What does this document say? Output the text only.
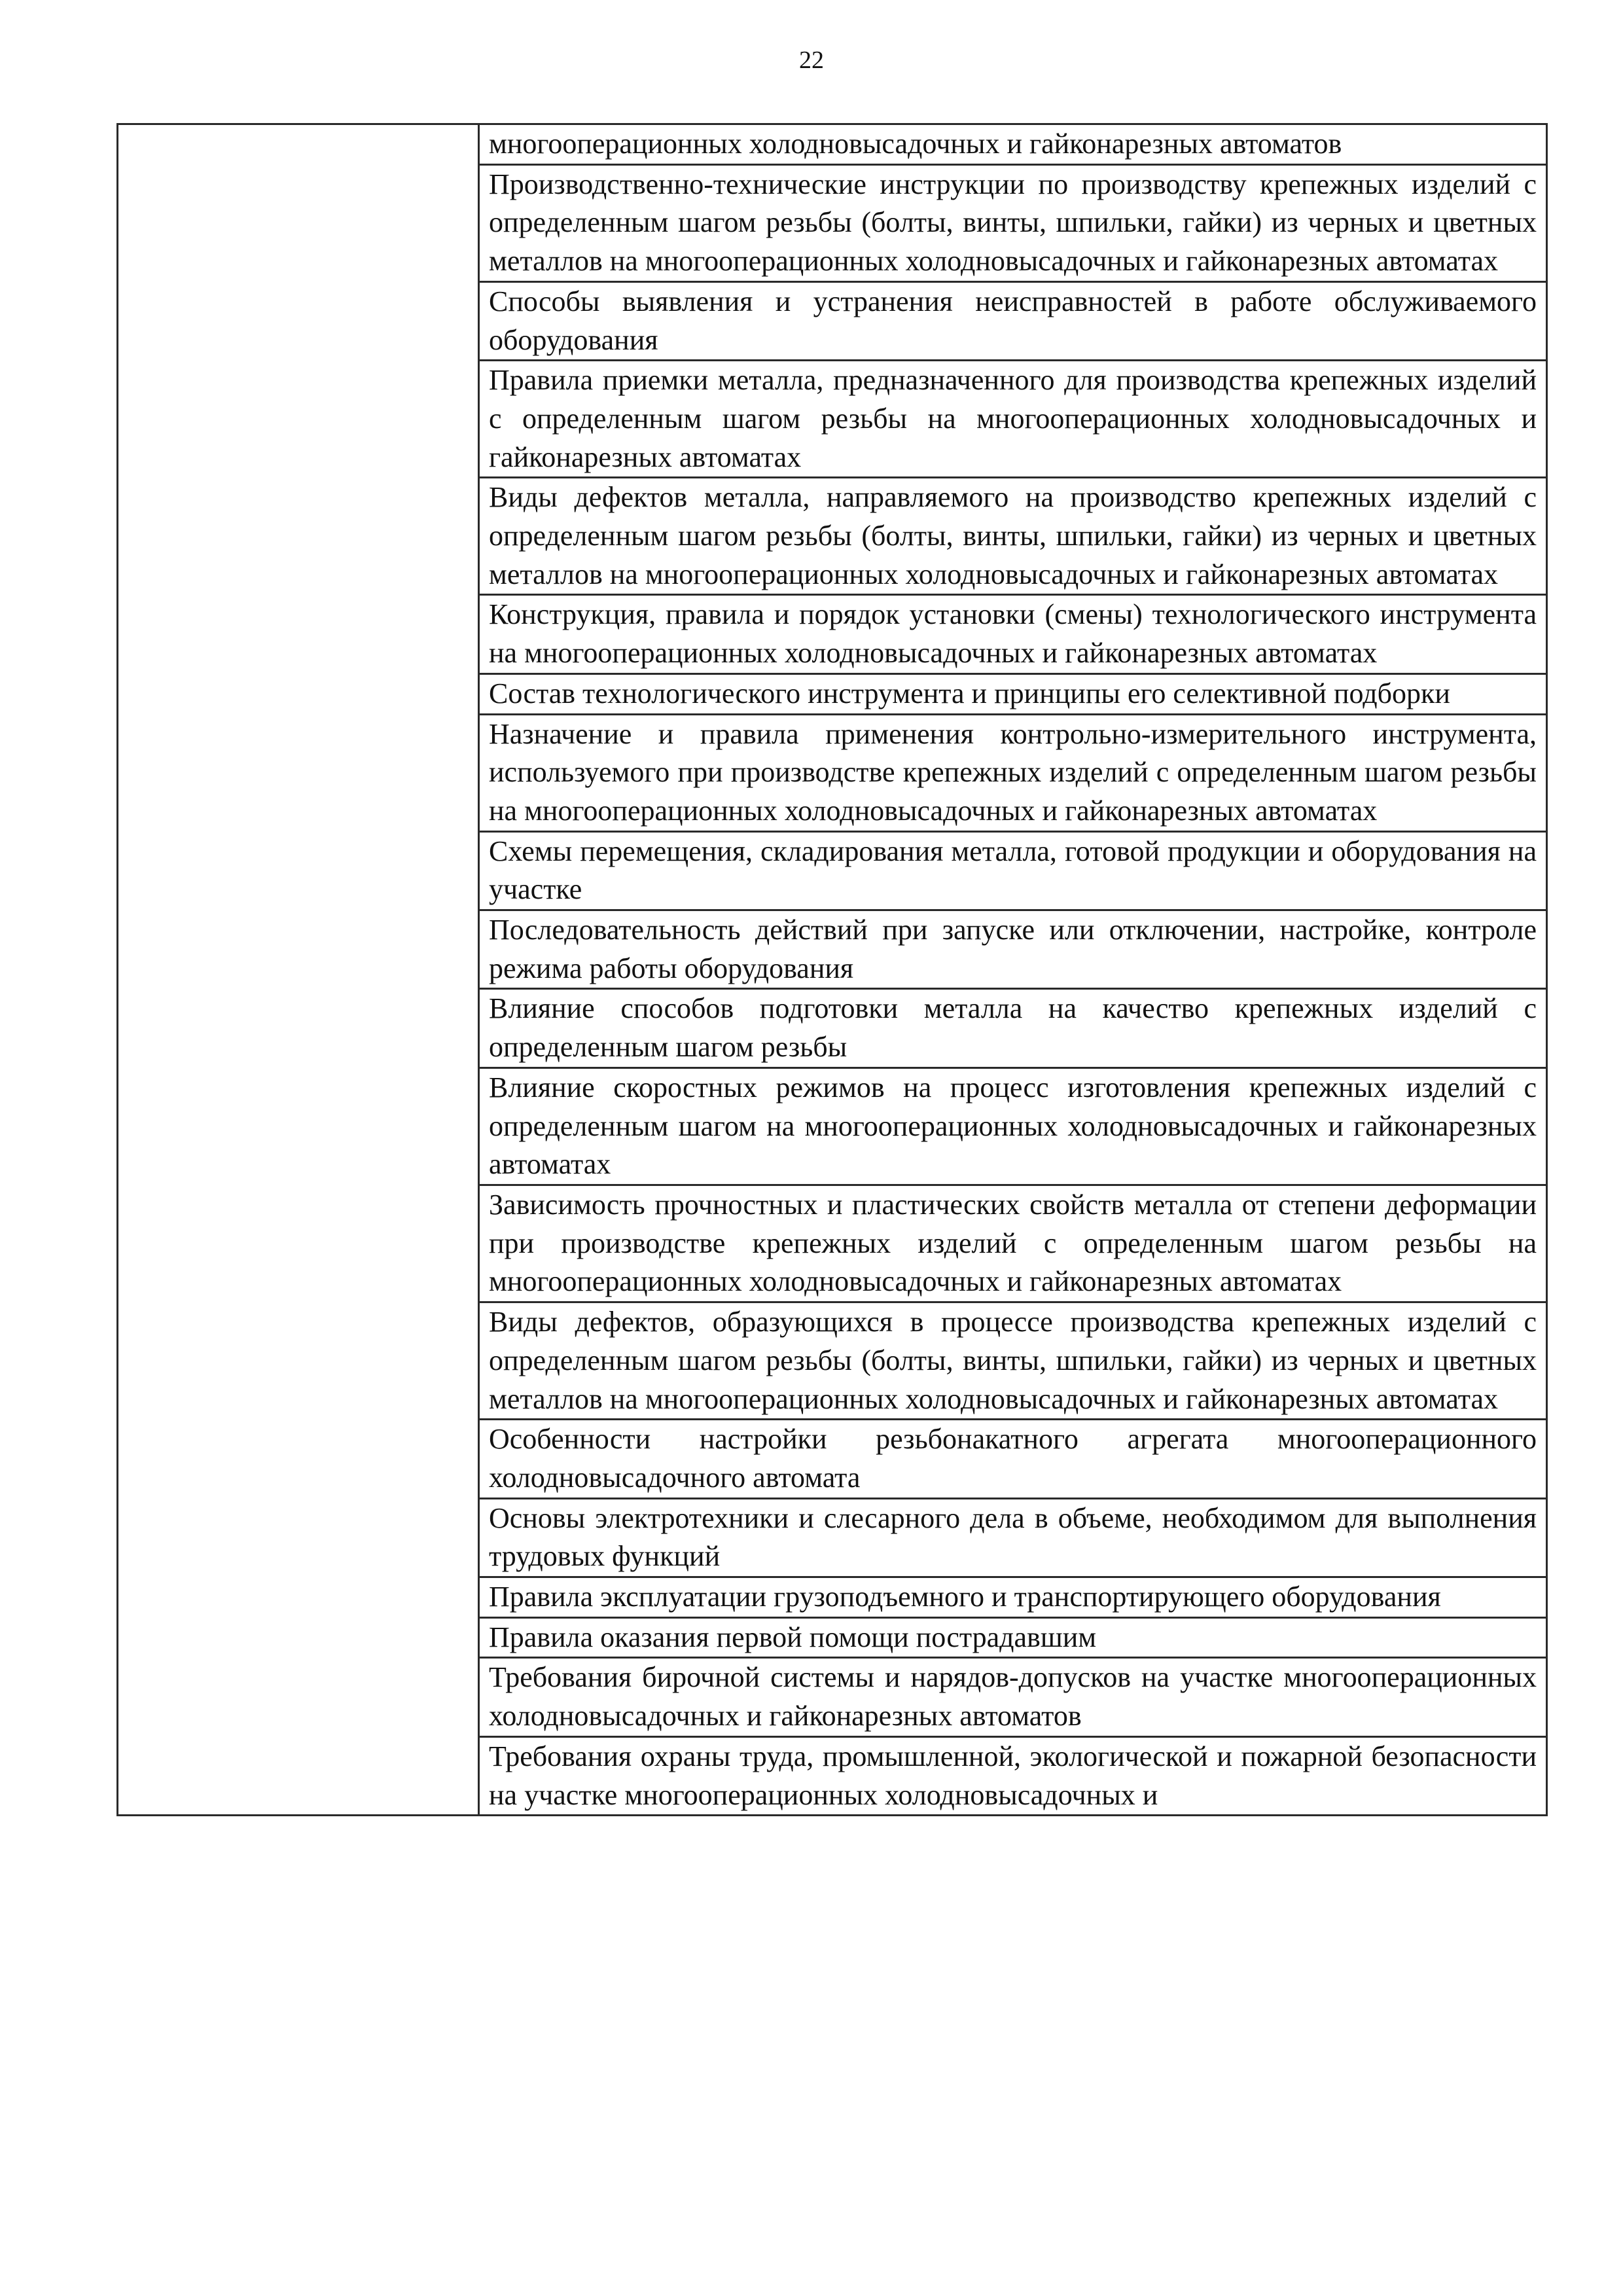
22

многооперационных холодновысадочных и гайконарезных автоматов

Производственно-технические инструкции по производству крепежных изделий с определенным шагом резьбы (болты, винты, шпильки, гайки) из черных и цветных металлов на многооперационных холодновысадочных и гайконарезных автоматах

Способы выявления и устранения неисправностей в работе обслуживаемого оборудования

Правила приемки металла, предназначенного для производства крепежных изделий с определенным шагом резьбы на многооперационных холодновысадочных и гайконарезных автоматах

Виды дефектов металла, направляемого на производство крепежных изделий с определенным шагом резьбы (болты, винты, шпильки, гайки) из черных и цветных металлов на многооперационных холодновысадочных и гайконарезных автоматах

Конструкция, правила и порядок установки (смены) технологического инструмента на многооперационных холодновысадочных и гайконарезных автоматах

Состав технологического инструмента и принципы его селективной подборки

Назначение и правила применения контрольно-измерительного инструмента, используемого при производстве крепежных изделий с определенным шагом резьбы на многооперационных холодновысадочных и гайконарезных автоматах

Схемы перемещения, складирования металла, готовой продукции и оборудования на участке

Последовательность действий при запуске или отключении, настройке, контроле режима работы оборудования

Влияние способов подготовки металла на качество крепежных изделий с определенным шагом резьбы

Влияние скоростных режимов на процесс изготовления крепежных изделий с определенным шагом на многооперационных холодновысадочных и гайконарезных автоматах

Зависимость прочностных и пластических свойств металла от степени деформации при производстве крепежных изделий с определенным шагом резьбы на многооперационных холодновысадочных и гайконарезных автоматах

Виды дефектов, образующихся в процессе производства крепежных изделий с определенным шагом резьбы (болты, винты, шпильки, гайки) из черных и цветных металлов на многооперационных холодновысадочных и гайконарезных автоматах

Особенности настройки резьбонакатного агрегата многооперационного холодновысадочного автомата

Основы электротехники и слесарного дела в объеме, необходимом для выполнения трудовых функций

Правила эксплуатации грузоподъемного и транспортирующего оборудования

Правила оказания первой помощи пострадавшим

Требования бирочной системы и нарядов-допусков на участке многооперационных холодновысадочных и гайконарезных автоматов

Требования охраны труда, промышленной, экологической и пожарной безопасности на участке многооперационных холодновысадочных и
